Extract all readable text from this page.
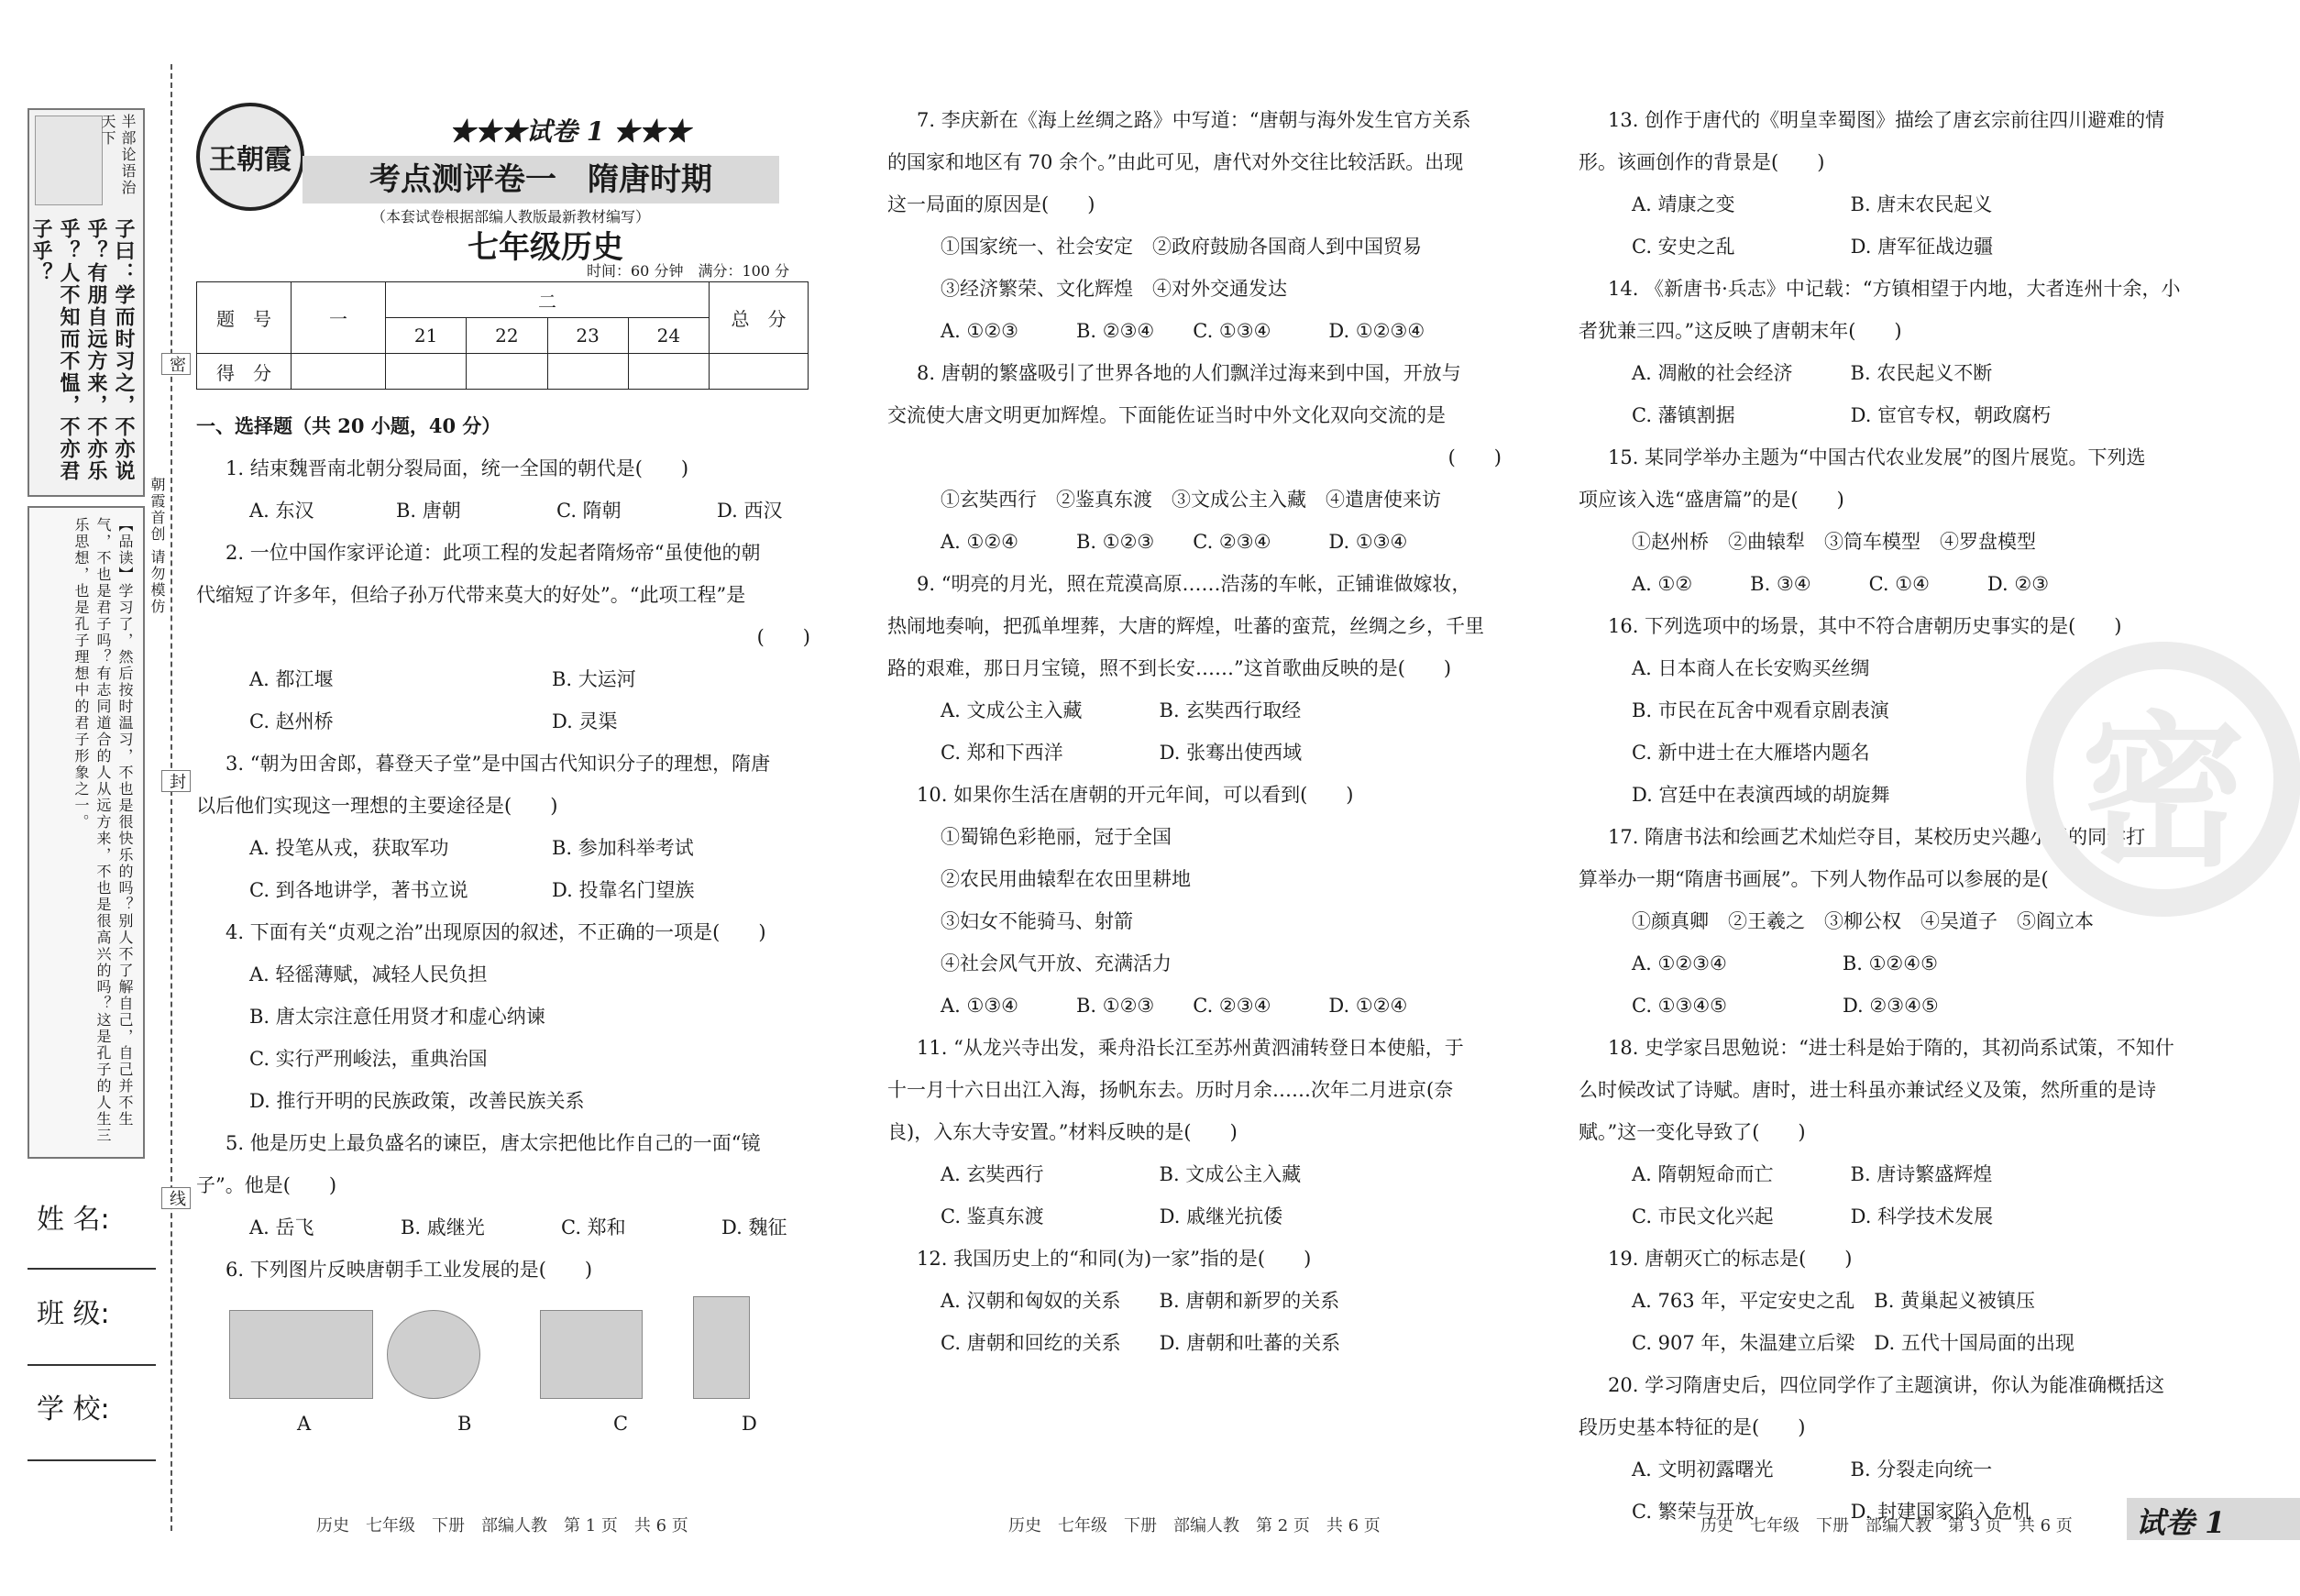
半部论语治天下
子曰：学而时习之，不亦说乎？有朋自远方来，不亦乐乎？人不知而不愠，不亦君子乎？
【品读】学习了，然后按时温习，不也是很快乐的吗？别人不了解自己，自己并不生气，不也是君子吗？有志同道合的人从远方来，不也是很高兴的吗？这是孔子的人生三乐思想，也是孔子理想中的君子形象之一。
姓 名:
班 级:
学 校:
密
封
线
朝霞首创 请勿模仿
王朝霞
★★★试卷 1 ★★★
考点测评卷一　隋唐时期
（本套试卷根据部编人教版最新教材编写）
七年级历史
时间：60 分钟　满分：100 分
题　号	一	二				总　分
		21	22	23	24	
得　分						
一、选择题（共 20 小题，40 分）
1. 结束魏晋南北朝分裂局面，统一全国的朝代是(　　)
A. 东汉	B. 唐朝	C. 隋朝	D. 西汉
2. 一位中国作家评论道：此项工程的发起者隋炀帝“虽使他的朝
代缩短了许多年，但给子孙万代带来莫大的好处”。“此项工程”是
(　　)
A. 都江堰	B. 大运河
C. 赵州桥	D. 灵渠
3. “朝为田舍郎，暮登天子堂”是中国古代知识分子的理想，隋唐
以后他们实现这一理想的主要途径是(　　)
A. 投笔从戎，获取军功	B. 参加科举考试
C. 到各地讲学，著书立说	D. 投靠名门望族
4. 下面有关“贞观之治”出现原因的叙述，不正确的一项是(　　)
A. 轻徭薄赋，减轻人民负担
B. 唐太宗注意任用贤才和虚心纳谏
C. 实行严刑峻法，重典治国
D. 推行开明的民族政策，改善民族关系
5. 他是历史上最负盛名的谏臣，唐太宗把他比作自己的一面“镜
子”。他是(　　)
A. 岳飞	B. 戚继光	C. 郑和	D. 魏征
6. 下列图片反映唐朝手工业发展的是(　　)
A	B	C	D
7. 李庆新在《海上丝绸之路》中写道：“唐朝与海外发生官方关系
的国家和地区有 70 余个。”由此可见，唐代对外交往比较活跃。出现
这一局面的原因是(　　)
①国家统一、社会安定　②政府鼓励各国商人到中国贸易
③经济繁荣、文化辉煌　④对外交通发达
A. ①②③　　　B. ②③④　　C. ①③④　　　D. ①②③④
8. 唐朝的繁盛吸引了世界各地的人们飘洋过海来到中国，开放与
交流使大唐文明更加辉煌。下面能佐证当时中外文化双向交流的是
(　　)
①玄奘西行　②鉴真东渡　③文成公主入藏　④遣唐使来访
A. ①②④　　　B. ①②③　　C. ②③④　　　D. ①③④
9. “明亮的月光，照在荒漠高原……浩荡的车帐，正铺谁做嫁妆，
热闹地奏响，把孤单埋葬，大唐的辉煌，吐蕃的蛮荒，丝绸之乡，千里
路的艰难，那日月宝镜，照不到长安……”这首歌曲反映的是(　　)
A. 文成公主入藏　　　　B. 玄奘西行取经
C. 郑和下西洋　　　　　D. 张骞出使西域
10. 如果你生活在唐朝的开元年间，可以看到(　　)
①蜀锦色彩艳丽，冠于全国
②农民用曲辕犁在农田里耕地
③妇女不能骑马、射箭
④社会风气开放、充满活力
A. ①③④　　　B. ①②③　　C. ②③④　　　D. ①②④
11. “从龙兴寺出发，乘舟沿长江至苏州黄泗浦转登日本使船，于
十一月十六日出江入海，扬帆东去。历时月余……次年二月进京(奈
良)，入东大寺安置。”材料反映的是(　　)
A. 玄奘西行　　　　　　B. 文成公主入藏
C. 鉴真东渡　　　　　　D. 戚继光抗倭
12. 我国历史上的“和同(为)一家”指的是(　　)
A. 汉朝和匈奴的关系　　B. 唐朝和新罗的关系
C. 唐朝和回纥的关系　　D. 唐朝和吐蕃的关系
13. 创作于唐代的《明皇幸蜀图》描绘了唐玄宗前往四川避难的情
形。该画创作的背景是(　　)
A. 靖康之变　　　　　　B. 唐末农民起义
C. 安史之乱　　　　　　D. 唐军征战边疆
14. 《新唐书·兵志》中记载：“方镇相望于内地，大者连州十余，小
者犹兼三四。”这反映了唐朝末年(　　)
A. 凋敝的社会经济　　　B. 农民起义不断
C. 藩镇割据　　　　　　D. 宦官专权，朝政腐朽
15. 某同学举办主题为“中国古代农业发展”的图片展览。下列选
项应该入选“盛唐篇”的是(　　)
①赵州桥　②曲辕犁　③筒车模型　④罗盘模型
A. ①②　　　B. ③④　　　C. ①④　　　D. ②③
16. 下列选项中的场景，其中不符合唐朝历史事实的是(　　)
A. 日本商人在长安购买丝绸
B. 市民在瓦舍中观看京剧表演
C. 新中进士在大雁塔内题名
D. 宫廷中在表演西域的胡旋舞
17. 隋唐书法和绘画艺术灿烂夺目，某校历史兴趣小组的同学打
算举办一期“隋唐书画展”。下列人物作品可以参展的是(　　)
①颜真卿　②王羲之　③柳公权　④吴道子　⑤阎立本
A. ①②③④　　　　　　B. ①②④⑤
C. ①③④⑤　　　　　　D. ②③④⑤
18. 史学家吕思勉说：“进士科是始于隋的，其初尚系试策，不知什
么时候改试了诗赋。唐时，进士科虽亦兼试经义及策，然所重的是诗
赋。”这一变化导致了(　　)
A. 隋朝短命而亡　　　　B. 唐诗繁盛辉煌
C. 市民文化兴起　　　　D. 科学技术发展
19. 唐朝灭亡的标志是(　　)
A. 763 年，平定安史之乱　B. 黄巢起义被镇压
C. 907 年，朱温建立后梁　D. 五代十国局面的出现
20. 学习隋唐史后，四位同学作了主题演讲，你认为能准确概括这
段历史基本特征的是(　　)
A. 文明初露曙光　　　　B. 分裂走向统一
C. 繁荣与开放　　　　　D. 封建国家陷入危机
密
历史　七年级　下册　部编人教　第 1 页　共 6 页	历史　七年级　下册　部编人教　第 2 页　共 6 页	历史　七年级　下册　部编人教　第 3 页　共 6 页 试卷 1
